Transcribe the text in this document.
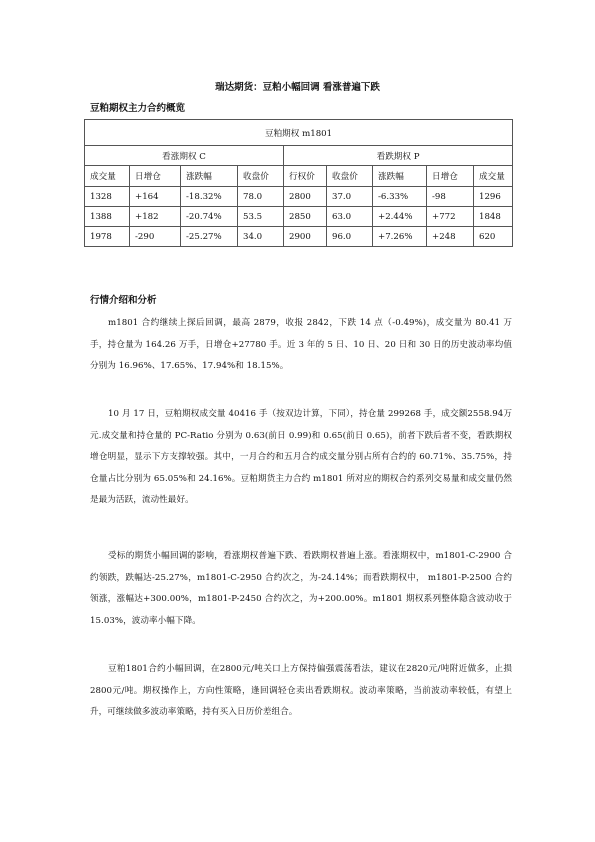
瑞达期货：豆粕小幅回调 看涨普遍下跌
豆粕期权主力合约概览
豆粕期权 m1801								
看涨期权 C				看跌期权 P				
成交量	日增仓	涨跌幅	收盘价	行权价	收盘价	涨跌幅	日增仓	成交量
1328	+164	-18.32%	78.0	2800	37.0	-6.33%	-98	1296
1388	+182	-20.74%	53.5	2850	63.0	+2.44%	+772	1848
1978	-290	-25.27%	34.0	2900	96.0	+7.26%	+248	620
行情介绍和分析

m1801 合约继续上探后回调，最高 2879，收报 2842，下跌 14 点（-0.49%)，成交量为 80.41 万手，持仓量为 164.26 万手，日增仓+27780 手。近 3 年的 5 日、10 日、20 日和 30 日的历史波动率均值分别为 16.96%、17.65%、17.94%和 18.15%。

10 月 17 日，豆粕期权成交量 40416 手（按双边计算，下同），持仓量 299268 手，成交额2558.94万元.成交量和持仓量的 PC-Ratio 分别为 0.63(前日 0.99)和 0.65(前日 0.65)，前者下跌后者不变，看跌期权增仓明显，显示下方支撑较强。其中，一月合约和五月合约成交量分别占所有合约的 60.71%、35.75%，持仓量占比分别为 65.05%和 24.16%。豆粕期货主力合约 m1801 所对应的期权合约系列交易量和成交量仍然是最为活跃，流动性最好。

受标的期货小幅回调的影响，看涨期权普遍下跌、看跌期权普遍上涨。看涨期权中，m1801-C-2900 合约领跌，跌幅达-25.27%，m1801-C-2950 合约次之，为-24.14%；而看跌期权中， m1801-P-2500 合约领涨，涨幅达+300.00%，m1801-P-2450 合约次之，为+200.00%。m1801 期权系列整体隐含波动收于 15.03%，波动率小幅下降。

豆粕1801合约小幅回调，在2800元/吨关口上方保持偏强震荡看法，建议在2820元/吨附近做多，止损2800元/吨。期权操作上，方向性策略，逢回调轻仓卖出看跌期权。波动率策略，当前波动率较低，有望上升，可继续做多波动率策略，持有买入日历价差组合。
